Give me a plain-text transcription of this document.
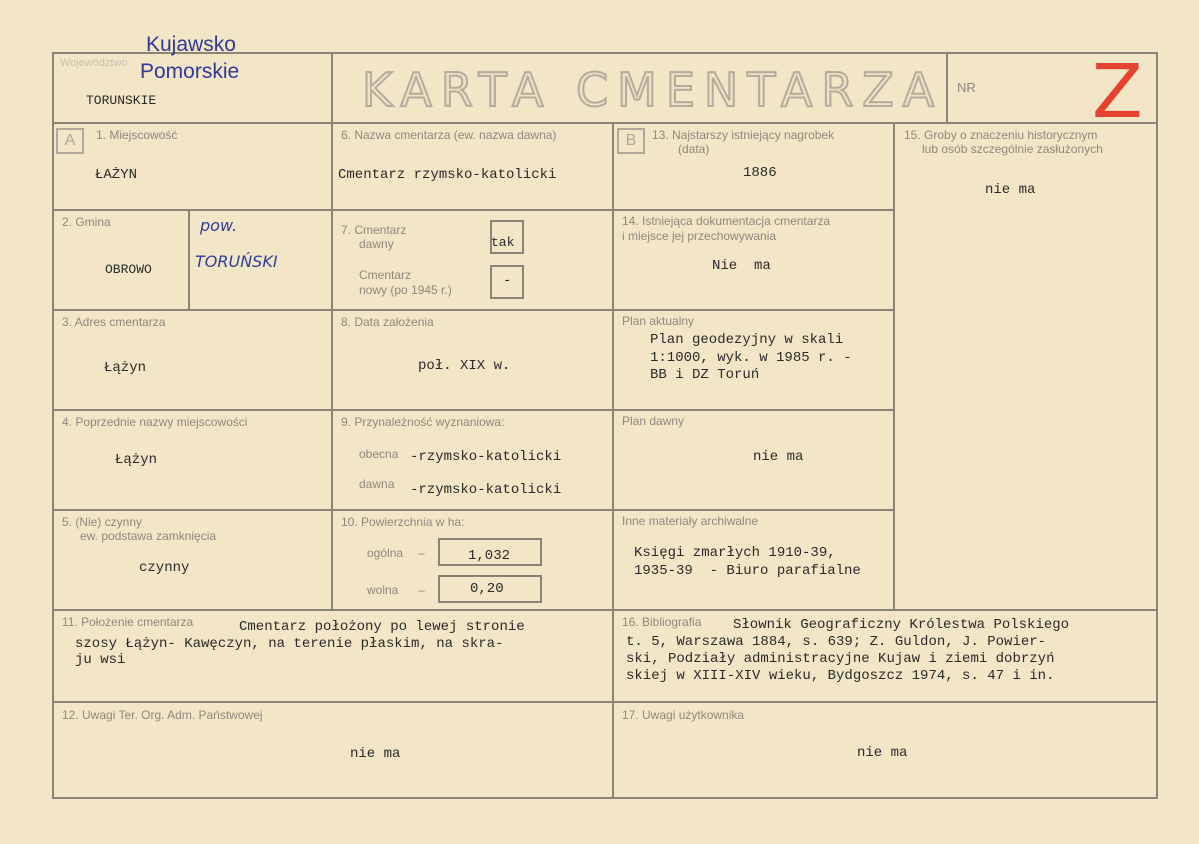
Województwo
Kujawsko
Pomorskie
TORUNSKIE	KARTA CMENTARZA NR Z
A	B
1. Miejscowość
ŁAŻYN
6. Nazwa cmentarza (ew. nazwa dawna)
Cmentarz rzymsko-katolicki
13. Najstarszy istniejący nagrobek
(data)
1886
15. Groby o znaczeniu historycznym
lub osób szczególnie zasłużonych
nie ma
2. Gmina
OBROWO
pow.
TORUŃSKI
7. Cmentarz
dawny	tak
Cmentarz
nowy (po 1945 r.)
-
14. Istniejąca dokumentacja cmentarza
i miejsce jej przechowywania
Nie  ma
3. Adres cmentarza
Łążyn
8. Data założenia
poł. XIX w.
Plan aktualny
Plan geodezyjny w skali
1:1000, wyk. w 1985 r. -
BB i DZ Toruń
4. Poprzednie nazwy miejscowości
Łążyn
9. Przynależność wyznaniowa:
obecna -rzymsko-katolicki
dawna -rzymsko-katolicki
Plan dawny
nie ma
5. (Nie) czynny
ew. podstawa zamknięcia
czynny
10. Powierzchnia w ha:
ogólna –	1,032
wolna –	0,20
Inne materiały archiwalne
Księgi zmarłych 1910-39,
1935-39  - Biuro parafialne
11. Położenie cmentarza	Cmentarz położony po lewej stronie
szosy Łążyn- Kawęczyn, na terenie płaskim, na skra-
ju wsi
16. Bibliografia Słownik Geograficzny Królestwa Polskiego
t. 5, Warszawa 1884, s. 639; Z. Guldon, J. Powier-
ski, Podziały administracyjne Kujaw i ziemi dobrzyń
skiej w XIII-XIV wieku, Bydgoszcz 1974, s. 47 i in.
12. Uwagi Ter. Org. Adm. Państwowej
nie ma
17. Uwagi użytkownika
nie ma
